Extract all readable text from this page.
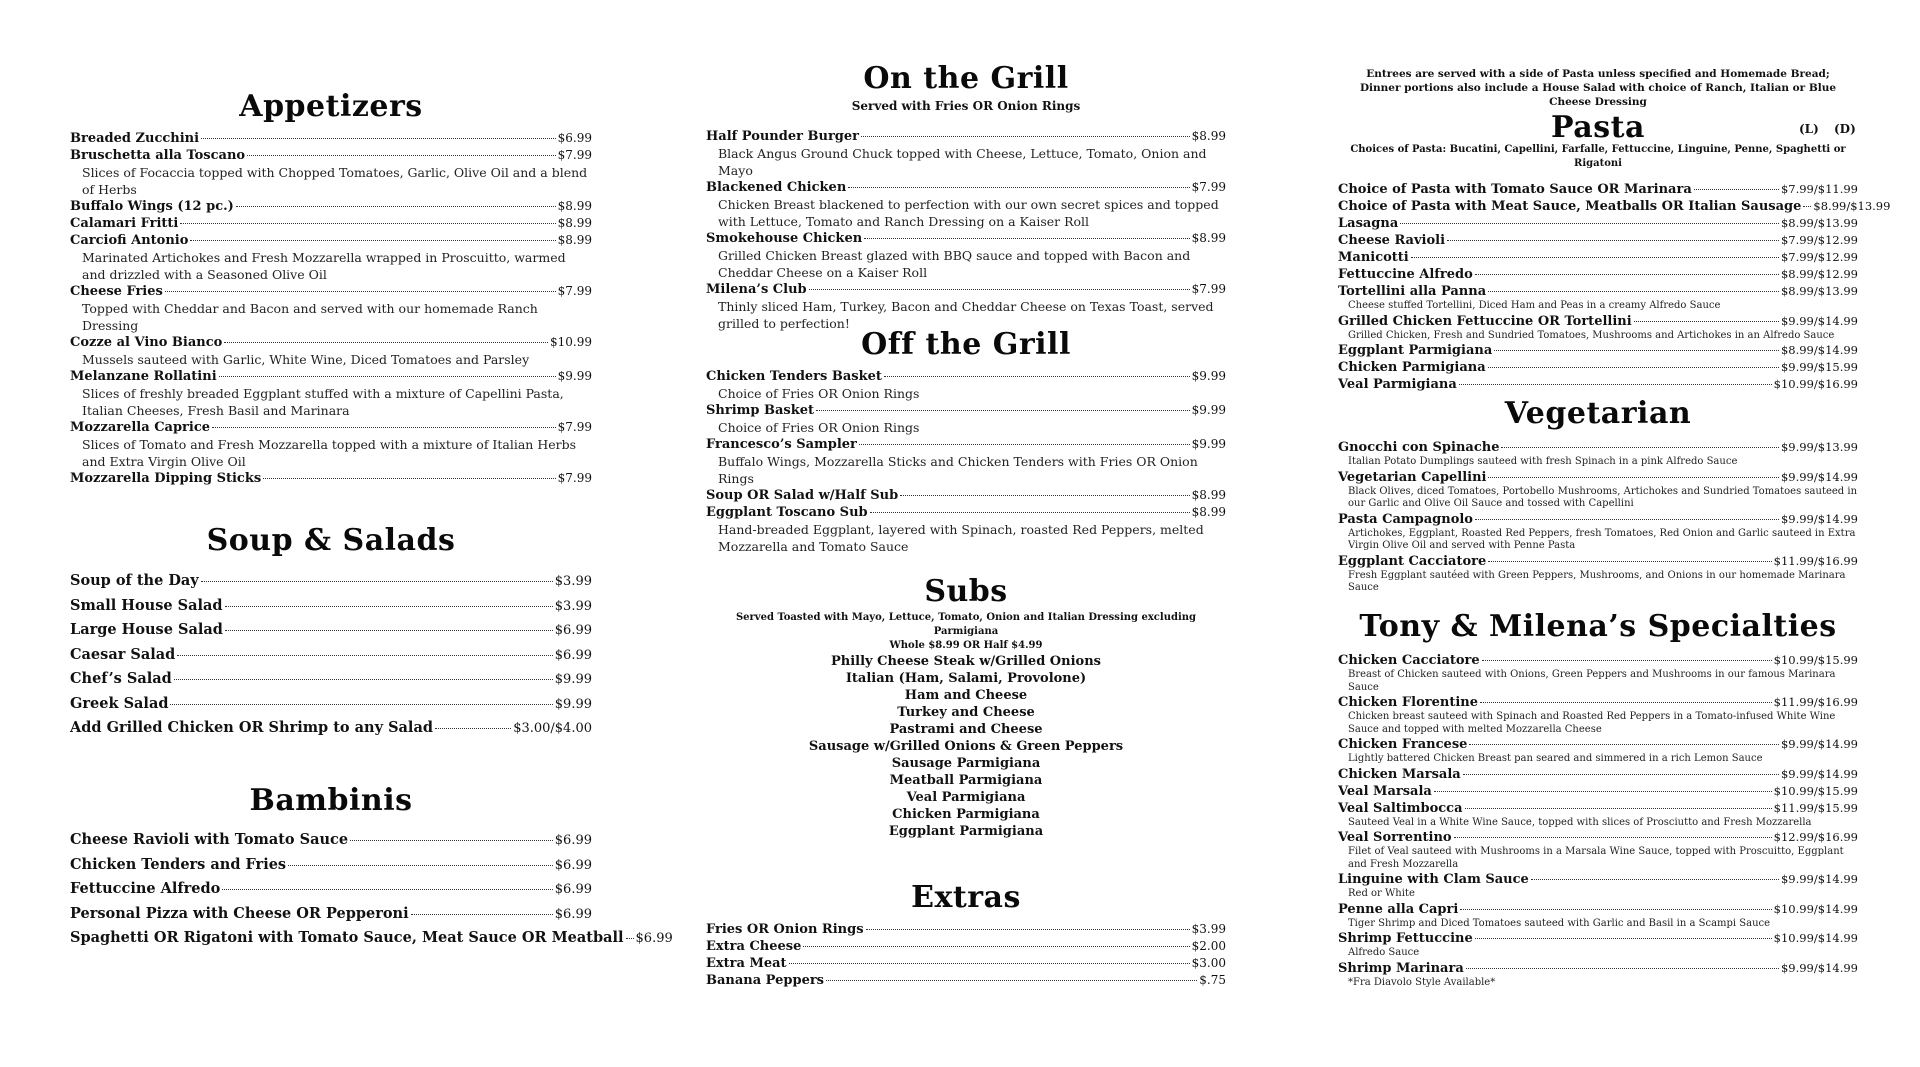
Appetizers
Breaded Zucchini	$6.99
Bruschetta alla Toscano	$7.99
Slices of Focaccia topped with Chopped Tomatoes, Garlic, Olive Oil and a blend of Herbs
Buffalo Wings (12 pc.)	$8.99
Calamari Fritti	$8.99
Carciofi Antonio	$8.99
Marinated Artichokes and Fresh Mozzarella wrapped in Proscuitto, warmed and drizzled with a Seasoned Olive Oil
Cheese Fries	$7.99
Topped with Cheddar and Bacon and served with our homemade Ranch Dressing
Cozze al Vino Bianco	$10.99
Mussels sauteed with Garlic, White Wine, Diced Tomatoes and Parsley
Melanzane Rollatini	$9.99
Slices of freshly breaded Eggplant stuffed with a mixture of Capellini Pasta, Italian Cheeses, Fresh Basil and Marinara
Mozzarella Caprice	$7.99
Slices of Tomato and Fresh Mozzarella topped with a mixture of Italian Herbs and Extra Virgin Olive Oil
Mozzarella Dipping Sticks	$7.99
Soup & Salads
Soup of the Day	$3.99
Small House Salad	$3.99
Large House Salad	$6.99
Caesar Salad	$6.99
Chef’s Salad	$9.99
Greek Salad	$9.99
Add Grilled Chicken OR Shrimp to any Salad	$3.00/$4.00
Bambinis
Cheese Ravioli with Tomato Sauce	$6.99
Chicken Tenders and Fries	$6.99
Fettuccine Alfredo	$6.99
Personal Pizza with Cheese OR Pepperoni	$6.99
Spaghetti OR Rigatoni with Tomato Sauce, Meat Sauce OR Meatball $6.99
On the Grill
Served with Fries OR Onion Rings
Half Pounder Burger	$8.99
Black Angus Ground Chuck topped with Cheese, Lettuce, Tomato, Onion and Mayo
Blackened Chicken	$7.99
Chicken Breast blackened to perfection with our own secret spices and topped with Lettuce, Tomato and Ranch Dressing on a Kaiser Roll
Smokehouse Chicken	$8.99
Grilled Chicken Breast glazed with BBQ sauce and topped with Bacon and Cheddar Cheese on a Kaiser Roll
Milena’s Club	$7.99
Thinly sliced Ham, Turkey, Bacon and Cheddar Cheese on Texas Toast, served grilled to perfection!
Off the Grill
Chicken Tenders Basket	$9.99
Choice of Fries OR Onion Rings
Shrimp Basket	$9.99
Choice of Fries OR Onion Rings
Francesco’s Sampler	$9.99
Buffalo Wings, Mozzarella Sticks and Chicken Tenders with Fries OR Onion Rings
Soup OR Salad w/Half Sub	$8.99
Eggplant Toscano Sub	$8.99
Hand-breaded Eggplant, layered with Spinach, roasted Red Peppers, melted Mozzarella and Tomato Sauce
Subs
Served Toasted with Mayo, Lettuce, Tomato, Onion and Italian Dressing excluding Parmigiana
Whole $8.99 OR Half $4.99
Philly Cheese Steak w/Grilled Onions
Italian (Ham, Salami, Provolone)
Ham and Cheese
Turkey and Cheese
Pastrami and Cheese
Sausage w/Grilled Onions & Green Peppers
Sausage Parmigiana
Meatball Parmigiana
Veal Parmigiana
Chicken Parmigiana
Eggplant Parmigiana
Extras
Fries OR Onion Rings	$3.99
Extra Cheese	$2.00
Extra Meat	$3.00
Banana Peppers	$.75
Entrees are served with a side of Pasta unless specified and Homemade Bread; Dinner portions also include a House Salad with choice of Ranch, Italian or Blue Cheese Dressing
Pasta	(L) (D)
Choices of Pasta: Bucatini, Capellini, Farfalle, Fettuccine, Linguine, Penne, Spaghetti or Rigatoni
Choice of Pasta with Tomato Sauce OR Marinara	$7.99/$11.99
Choice of Pasta with Meat Sauce, Meatballs OR Italian Sausage $8.99/$13.99
Lasagna	$8.99/$13.99
Cheese Ravioli	$7.99/$12.99
Manicotti	$7.99/$12.99
Fettuccine Alfredo	$8.99/$12.99
Tortellini alla Panna	$8.99/$13.99
Cheese stuffed Tortellini, Diced Ham and Peas in a creamy Alfredo Sauce
Grilled Chicken Fettuccine OR Tortellini	$9.99/$14.99
Grilled Chicken, Fresh and Sundried Tomatoes, Mushrooms and Artichokes in an Alfredo Sauce
Eggplant Parmigiana	$8.99/$14.99
Chicken Parmigiana	$9.99/$15.99
Veal Parmigiana	$10.99/$16.99
Vegetarian
Gnocchi con Spinache	$9.99/$13.99
Italian Potato Dumplings sauteed with fresh Spinach in a pink Alfredo Sauce
Vegetarian Capellini	$9.99/$14.99
Black Olives, diced Tomatoes, Portobello Mushrooms, Artichokes and Sundried Tomatoes sauteed in our Garlic and Olive Oil Sauce and tossed with Capellini
Pasta Campagnolo	$9.99/$14.99
Artichokes, Eggplant, Roasted Red Peppers, fresh Tomatoes, Red Onion and Garlic sauteed in Extra Virgin Olive Oil and served with Penne Pasta
Eggplant Cacciatore	$11.99/$16.99
Fresh Eggplant sautéed with Green Peppers, Mushrooms, and Onions in our homemade Marinara Sauce
Tony & Milena’s Specialties
Chicken Cacciatore	$10.99/$15.99
Breast of Chicken sauteed with Onions, Green Peppers and Mushrooms in our famous Marinara Sauce
Chicken Florentine	$11.99/$16.99
Chicken breast sauteed with Spinach and Roasted Red Peppers in a Tomato-infused White Wine Sauce and topped with melted Mozzarella Cheese
Chicken Francese	$9.99/$14.99
Lightly battered Chicken Breast pan seared and simmered in a rich Lemon Sauce
Chicken Marsala	$9.99/$14.99
Veal Marsala	$10.99/$15.99
Veal Saltimbocca	$11.99/$15.99
Sauteed Veal in a White Wine Sauce, topped with slices of Prosciutto and Fresh Mozzarella
Veal Sorrentino	$12.99/$16.99
Filet of Veal sauteed with Mushrooms in a Marsala Wine Sauce, topped with Proscuitto, Eggplant and Fresh Mozzarella
Linguine with Clam Sauce	$9.99/$14.99
Red or White
Penne alla Capri	$10.99/$14.99
Tiger Shrimp and Diced Tomatoes sauteed with Garlic and Basil in a Scampi Sauce
Shrimp Fettuccine	$10.99/$14.99
Alfredo Sauce
Shrimp Marinara	$9.99/$14.99
*Fra Diavolo Style Available*
